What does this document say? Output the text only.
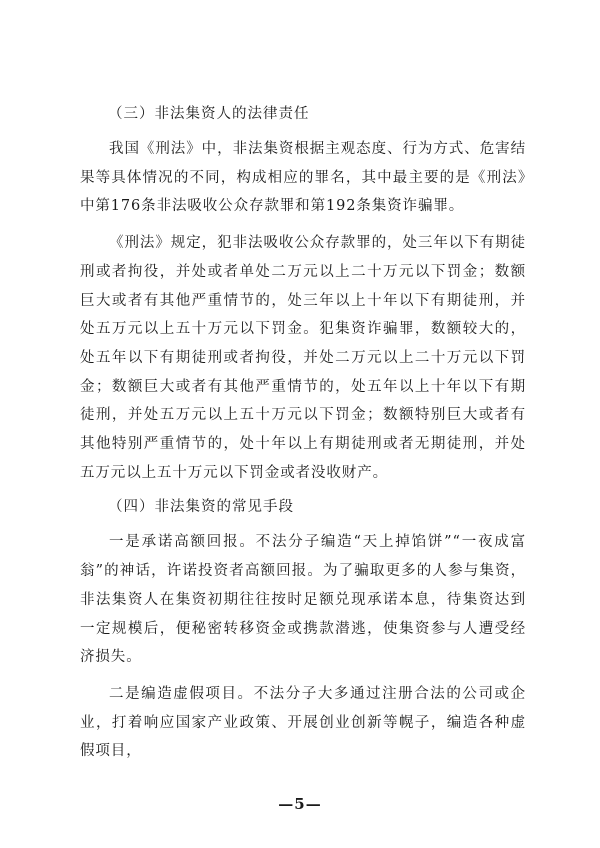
（三）非法集资人的法律责任

我国《刑法》中，非法集资根据主观态度、行为方式、危害结果等具体情况的不同，构成相应的罪名，其中最主要的是《刑法》中第176条非法吸收公众存款罪和第192条集资诈骗罪。

《刑法》规定，犯非法吸收公众存款罪的，处三年以下有期徒刑或者拘役，并处或者单处二万元以上二十万元以下罚金；数额巨大或者有其他严重情节的，处三年以上十年以下有期徒刑，并处五万元以上五十万元以下罚金。犯集资诈骗罪，数额较大的，处五年以下有期徒刑或者拘役，并处二万元以上二十万元以下罚金；数额巨大或者有其他严重情节的，处五年以上十年以下有期徒刑，并处五万元以上五十万元以下罚金；数额特别巨大或者有其他特别严重情节的，处十年以上有期徒刑或者无期徒刑，并处五万元以上五十万元以下罚金或者没收财产。

（四）非法集资的常见手段

一是承诺高额回报。不法分子编造“天上掉馅饼”“一夜成富翁”的神话，许诺投资者高额回报。为了骗取更多的人参与集资，非法集资人在集资初期往往按时足额兑现承诺本息，待集资达到一定规模后，便秘密转移资金或携款潜逃，使集资参与人遭受经济损失。

二是编造虚假项目。不法分子大多通过注册合法的公司或企业，打着响应国家产业政策、开展创业创新等幌子，编造各种虚假项目，

—5—
